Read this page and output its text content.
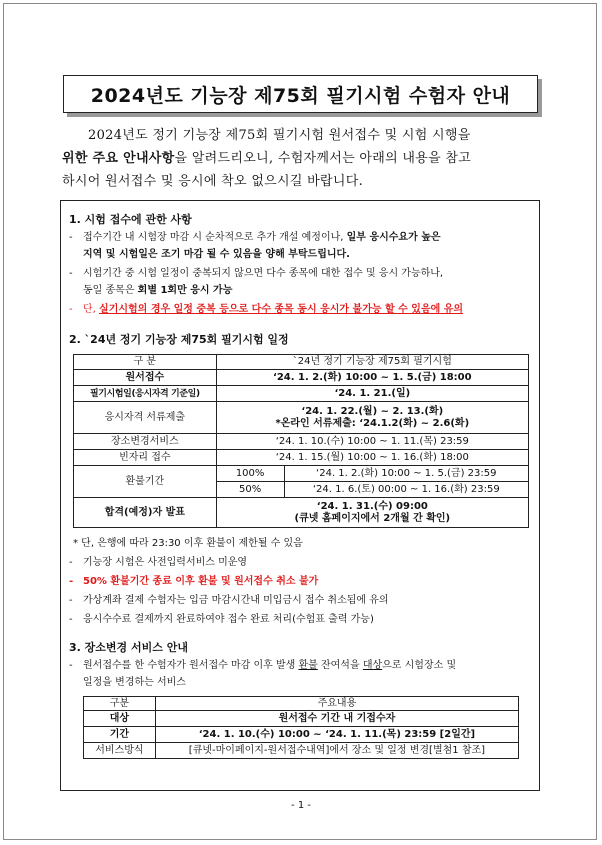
2024년도 기능장 제75회 필기시험 수험자 안내

2024년도 정기 기능장 제75회 필기시험 원서접수 및 시험 시행을

위한 주요 안내사항을 알려드리오니, 수험자께서는 아래의 내용을 참고

하시어 원서접수 및 응시에 착오 없으시길 바랍니다.

1. 시험 접수에 관한 사항
- 접수기간 내 시험장 마감 시 순차적으로 추가 개설 예정이나, 일부 응시수요가 높은
지역 및 시험일은 조기 마감 될 수 있음을 양해 부탁드립니다.
- 시험기간 중 시험 일정이 중복되지 않으면 다수 종목에 대한 접수 및 응시 가능하나,
동일 종목은 회별 1회만 응시 가능
- 단, 실기시험의 경우 일정 중복 등으로 다수 종목 동시 응시가 불가능 할 수 있음에 유의
2. `24년 정기 기능장 제75회 필기시험 일정
구 분	`24년 정기 기능장 제75회 필기시험	
원서접수	‘24. 1. 2.(화) 10:00 ~ 1. 5.(금) 18:00	
필기시험일(응시자격 기준일)	‘24. 1. 21.(일)	
응시자격 서류제출	‘24. 1. 22.(월) ~ 2. 13.(화)
*온라인 서류제출: ‘24.1.2(화) ~ 2.6(화)	

장소변경서비스	‘24. 1. 10.(수) 10:00 ~ 1. 11.(목) 23:59	
빈자리 접수	‘24. 1. 15.(월) 10:00 ~ 1. 16.(화) 18:00	
환불기간	100%	‘24. 1. 2.(화) 10:00 ~ 1. 5.(금) 23:59
	50%	‘24. 1. 6.(토) 00:00 ~ 1. 16.(화) 23:59
합격(예정)자 발표	‘24. 1. 31.(수) 09:00
(큐넷 홈페이지에서 2개월 간 확인)	
* 단, 은행에 따라 23:30 이후 환불이 제한될 수 있음
- 기능장 시험은 사전입력서비스 미운영
- 50% 환불기간 종료 이후 환불 및 원서접수 취소 불가
- 가상계좌 결제 수험자는 입금 마감시간내 미입금시 접수 취소됨에 유의
- 응시수수료 결제까지 완료하여야 접수 완료 처리(수험표 출력 가능)
3. 장소변경 서비스 안내
- 원서접수를 한 수험자가 원서접수 마감 이후 발생 환불 잔여석을 대상으로 시험장소 및
일정을 변경하는 서비스
구분	주요내용
대상	원서접수 기간 내 기접수자
기간	‘24. 1. 10.(수) 10:00 ~ ‘24. 1. 11.(목) 23:59 [2일간]
서비스방식	[큐넷-마이페이지-원서접수내역]에서 장소 및 일정 변경[별첨1 참조]
- 1 -
